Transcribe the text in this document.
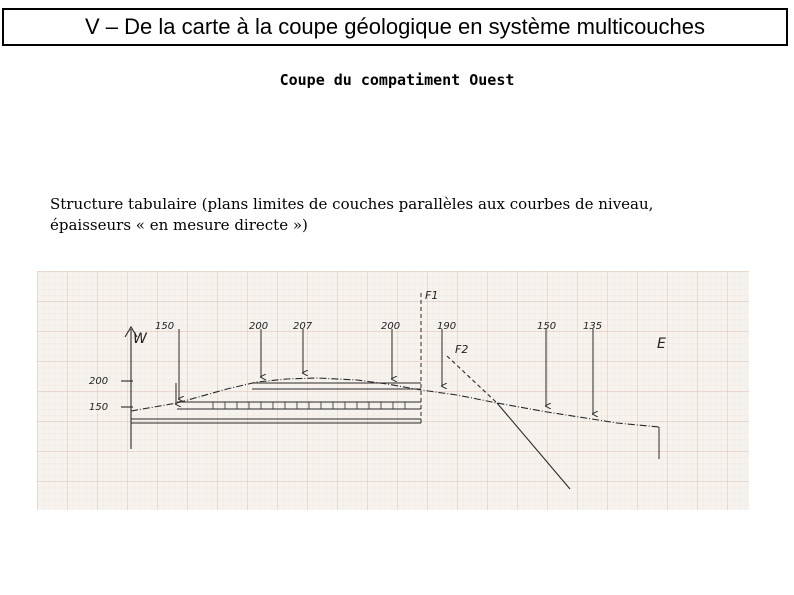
V – De la carte à la coupe géologique en système multicouches
Coupe du compatiment Ouest
Structure tabulaire (plans limites de couches parallèles aux courbes de niveau,
épaisseurs « en mesure directe »)
200
150
W	E
F1
F2
150	200 207	200	190	150	135
